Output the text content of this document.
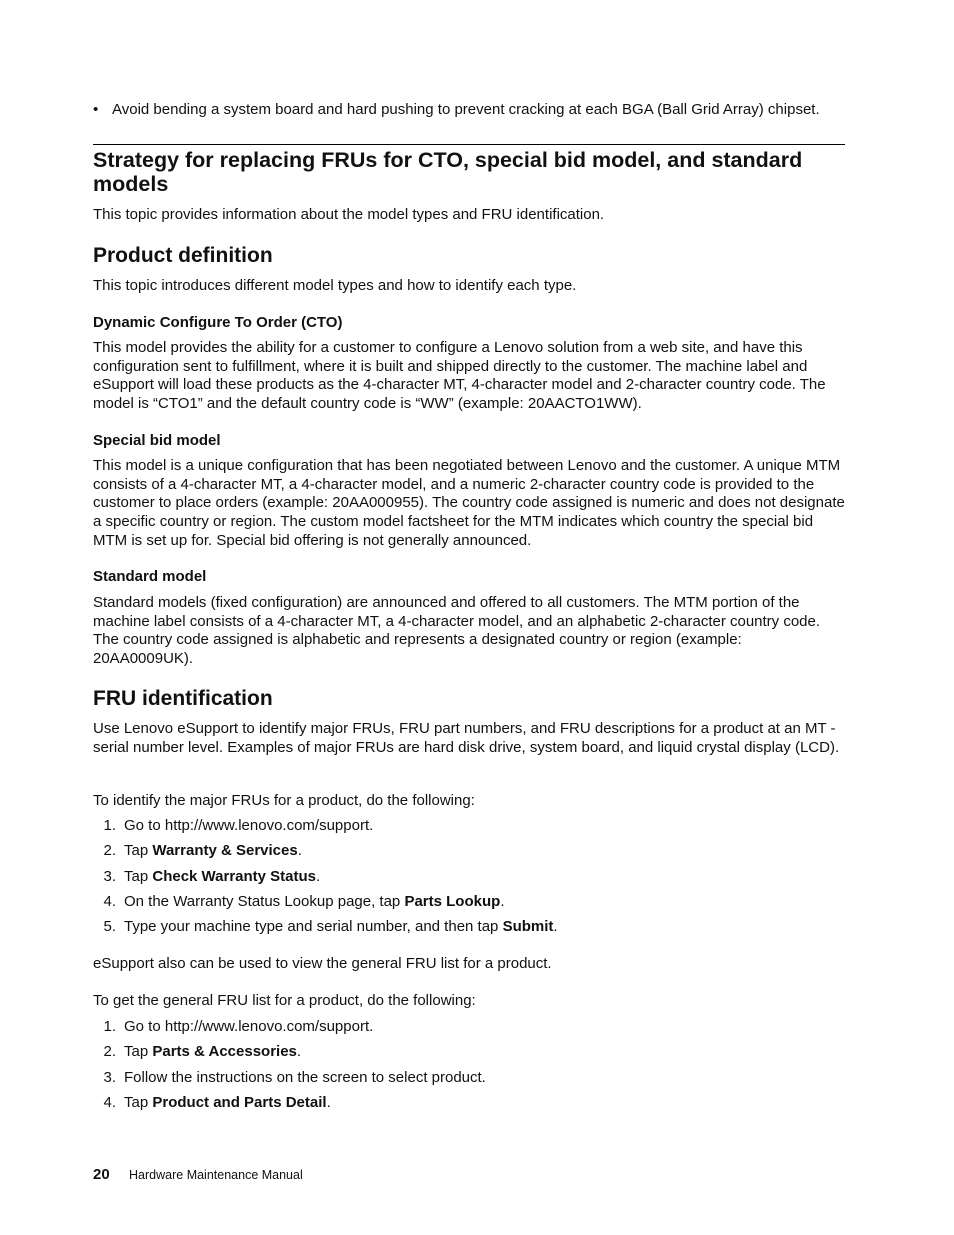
• Avoid bending a system board and hard pushing to prevent cracking at each BGA (Ball Grid Array) chipset.
Strategy for replacing FRUs for CTO, special bid model, and standard models

This topic provides information about the model types and FRU identification.

Product definition

This topic introduces different model types and how to identify each type.

Dynamic Configure To Order (CTO)

This model provides the ability for a customer to configure a Lenovo solution from a web site, and have this configuration sent to fulfillment, where it is built and shipped directly to the customer. The machine label and eSupport will load these products as the 4-character MT, 4-character model and 2-character country code. The model is “CTO1” and the default country code is “WW” (example: 20AACTO1WW).

Special bid model

This model is a unique configuration that has been negotiated between Lenovo and the customer. A unique MTM consists of a 4-character MT, a 4-character model, and a numeric 2-character country code is provided to the customer to place orders (example: 20AA000955). The country code assigned is numeric and does not designate a specific country or region. The custom model factsheet for the MTM indicates which country the special bid MTM is set up for. Special bid offering is not generally announced.

Standard model

Standard models (fixed configuration) are announced and offered to all customers. The MTM portion of the machine label consists of a 4-character MT, a 4-character model, and an alphabetic 2-character country code. The country code assigned is alphabetic and represents a designated country or region (example: 20AA0009UK).

FRU identification

Use Lenovo eSupport to identify major FRUs, FRU part numbers, and FRU descriptions for a product at an MT - serial number level. Examples of major FRUs are hard disk drive, system board, and liquid crystal display (LCD).

To identify the major FRUs for a product, do the following:

1. Go to http://www.lenovo.com/support.
2. Tap Warranty & Services.
3. Tap Check Warranty Status.
4. On the Warranty Status Lookup page, tap Parts Lookup.
5. Type your machine type and serial number, and then tap Submit.

eSupport also can be used to view the general FRU list for a product.

To get the general FRU list for a product, do the following:

1. Go to http://www.lenovo.com/support.
2. Tap Parts & Accessories.
3. Follow the instructions on the screen to select product.
4. Tap Product and Parts Detail.
20 Hardware Maintenance Manual
